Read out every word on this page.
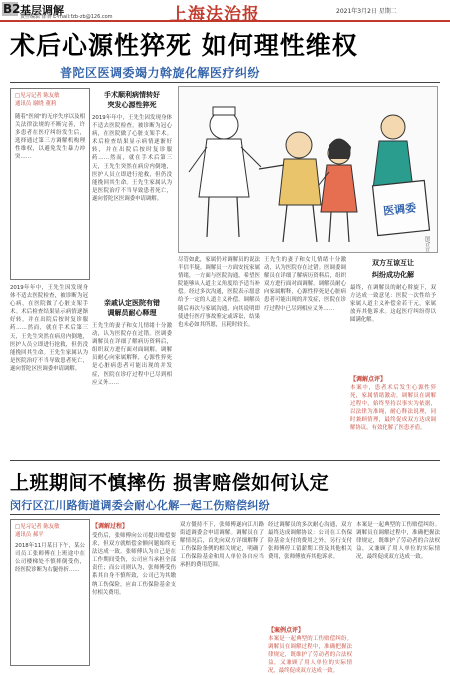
B2 基层调解
责任编辑 徐赛 E-mail:fzb-zb@126.com	上海法治报	2021年3月2日 星期二
术后心源性猝死 如何理性维权
普陀区医调委竭力斡旋化解医疗纠纷
□见习记者 陈友敏
通讯员 谢晓 董莉
随着"医闹"的无序失序以及相关法律法规的不断完善，许多患者在医疗纠纷发生后，选择通过第三方调解机构理性维权，以避免发生暴力冲突……
2019年年中，王先生因发现身体不适去医院检查，被诊断为冠心病，在医院做了心脏支架手术。术后检查结果显示病情逐渐好转，并在出院后按时复诊服药……然而，就在手术后第三天，王先生突然在病房内倒地，医护人员立即进行抢救，但仍没能挽回其生命。王先生家属认为是医院治疗不当导致患者死亡，遂向普陀区医调委申请调解。
手术顺利病情转好
突发心源性猝死
2019年年中，王先生因发现身体不适去医院检查，被诊断为冠心病，在医院做了心脏支架手术。术后检查结果显示病情逐渐好转，并在出院后按时复诊服药……然而，就在手术后第三天，王先生突然在病房内倒地，医护人员立即进行抢救，但仍没能挽回其生命。王先生家属认为是医院治疗不当导致患者死亡，遂向普陀区医调委申请调解。
亲戚认定医院有错
调解员耐心释理
王先生的妻子和女儿情绪十分激动，认为医院存在过错。医调委调解员在详细了解病历资料后，组织双方进行面对面调解。调解员耐心向家属解释，心源性猝死是心脏病患者可能出现的并发症，医院在诊疗过程中已尽到相应义务……
医调委
图/豆豆
尽管如此，家属仍对调解员的说法半信半疑。调解员一方面安抚家属情绪，一方面与医院沟通，希望医院能够从人道主义角度给予适当补偿。经过多次沟通，医院表示愿意给予一定的人道主义补偿。调解员随后再次与家属沟通，向其说明即使进行医疗事故鉴定或诉讼，结果也未必如其所愿，且耗时较长。
王先生的妻子和女儿情绪十分激动，认为医院存在过错。医调委调解员在详细了解病历资料后，组织双方进行面对面调解。调解员耐心向家属解释，心源性猝死是心脏病患者可能出现的并发症，医院在诊疗过程中已尽到相应义务……
双方互谅互让
纠纷成功化解
最终，在调解员的耐心斡旋下，双方达成一致意见：医院一次性给予家属人道主义补偿金若干元，家属放弃其他诉求。这起医疗纠纷得以圆满化解。
【调解点评】
本案中，患者术后发生心源性猝死，家属情绪激动。调解员在调解过程中，始终坚持以事实为依据，以法律为准绳，耐心释法说理，同时兼顾情理，最终促成双方达成调解协议，有效化解了医患矛盾。
上班期间不慎摔伤 损害赔偿如何认定
闵行区江川路街道调委会耐心化解一起工伤赔偿纠纷
□见习记者 陈友敏
通讯员 郝平
2018年11月某日下午，某公司员工张师傅在上班途中在公司楼梯处不慎摔倒受伤，经医院诊断为右腿骨折……
【调解过程】
受伤后，张师傅向公司提出赔偿要求，但双方就赔偿金额问题始终无法达成一致。张师傅认为自己是在工作期间受伤，公司应当承担全部责任；而公司则认为，张师傅受伤系其自身不慎所致，公司已为其缴纳工伤保险，应由工伤保险基金支付相关费用。
双方僵持不下，张师傅遂向江川路街道调委会申请调解。调解员在了解情况后，首先向双方详细解释了工伤保险条例的相关规定，明确了工伤保险基金和用人单位各自应当承担的费用范围。
经过调解员的多次耐心沟通，双方最终达成调解协议：公司在工伤保险基金支付的费用之外，另行支付张师傅停工留薪期工资及其他相关费用，张师傅放弃其他诉求。
【案例点评】
本案是一起典型的工伤赔偿纠纷。调解员在调解过程中，准确把握法律规定，既维护了劳动者的合法权益，又兼顾了用人单位的实际情况，最终促成双方达成一致。
本案是一起典型的工伤赔偿纠纷。调解员在调解过程中，准确把握法律规定，既维护了劳动者的合法权益，又兼顾了用人单位的实际情况，最终促成双方达成一致。
